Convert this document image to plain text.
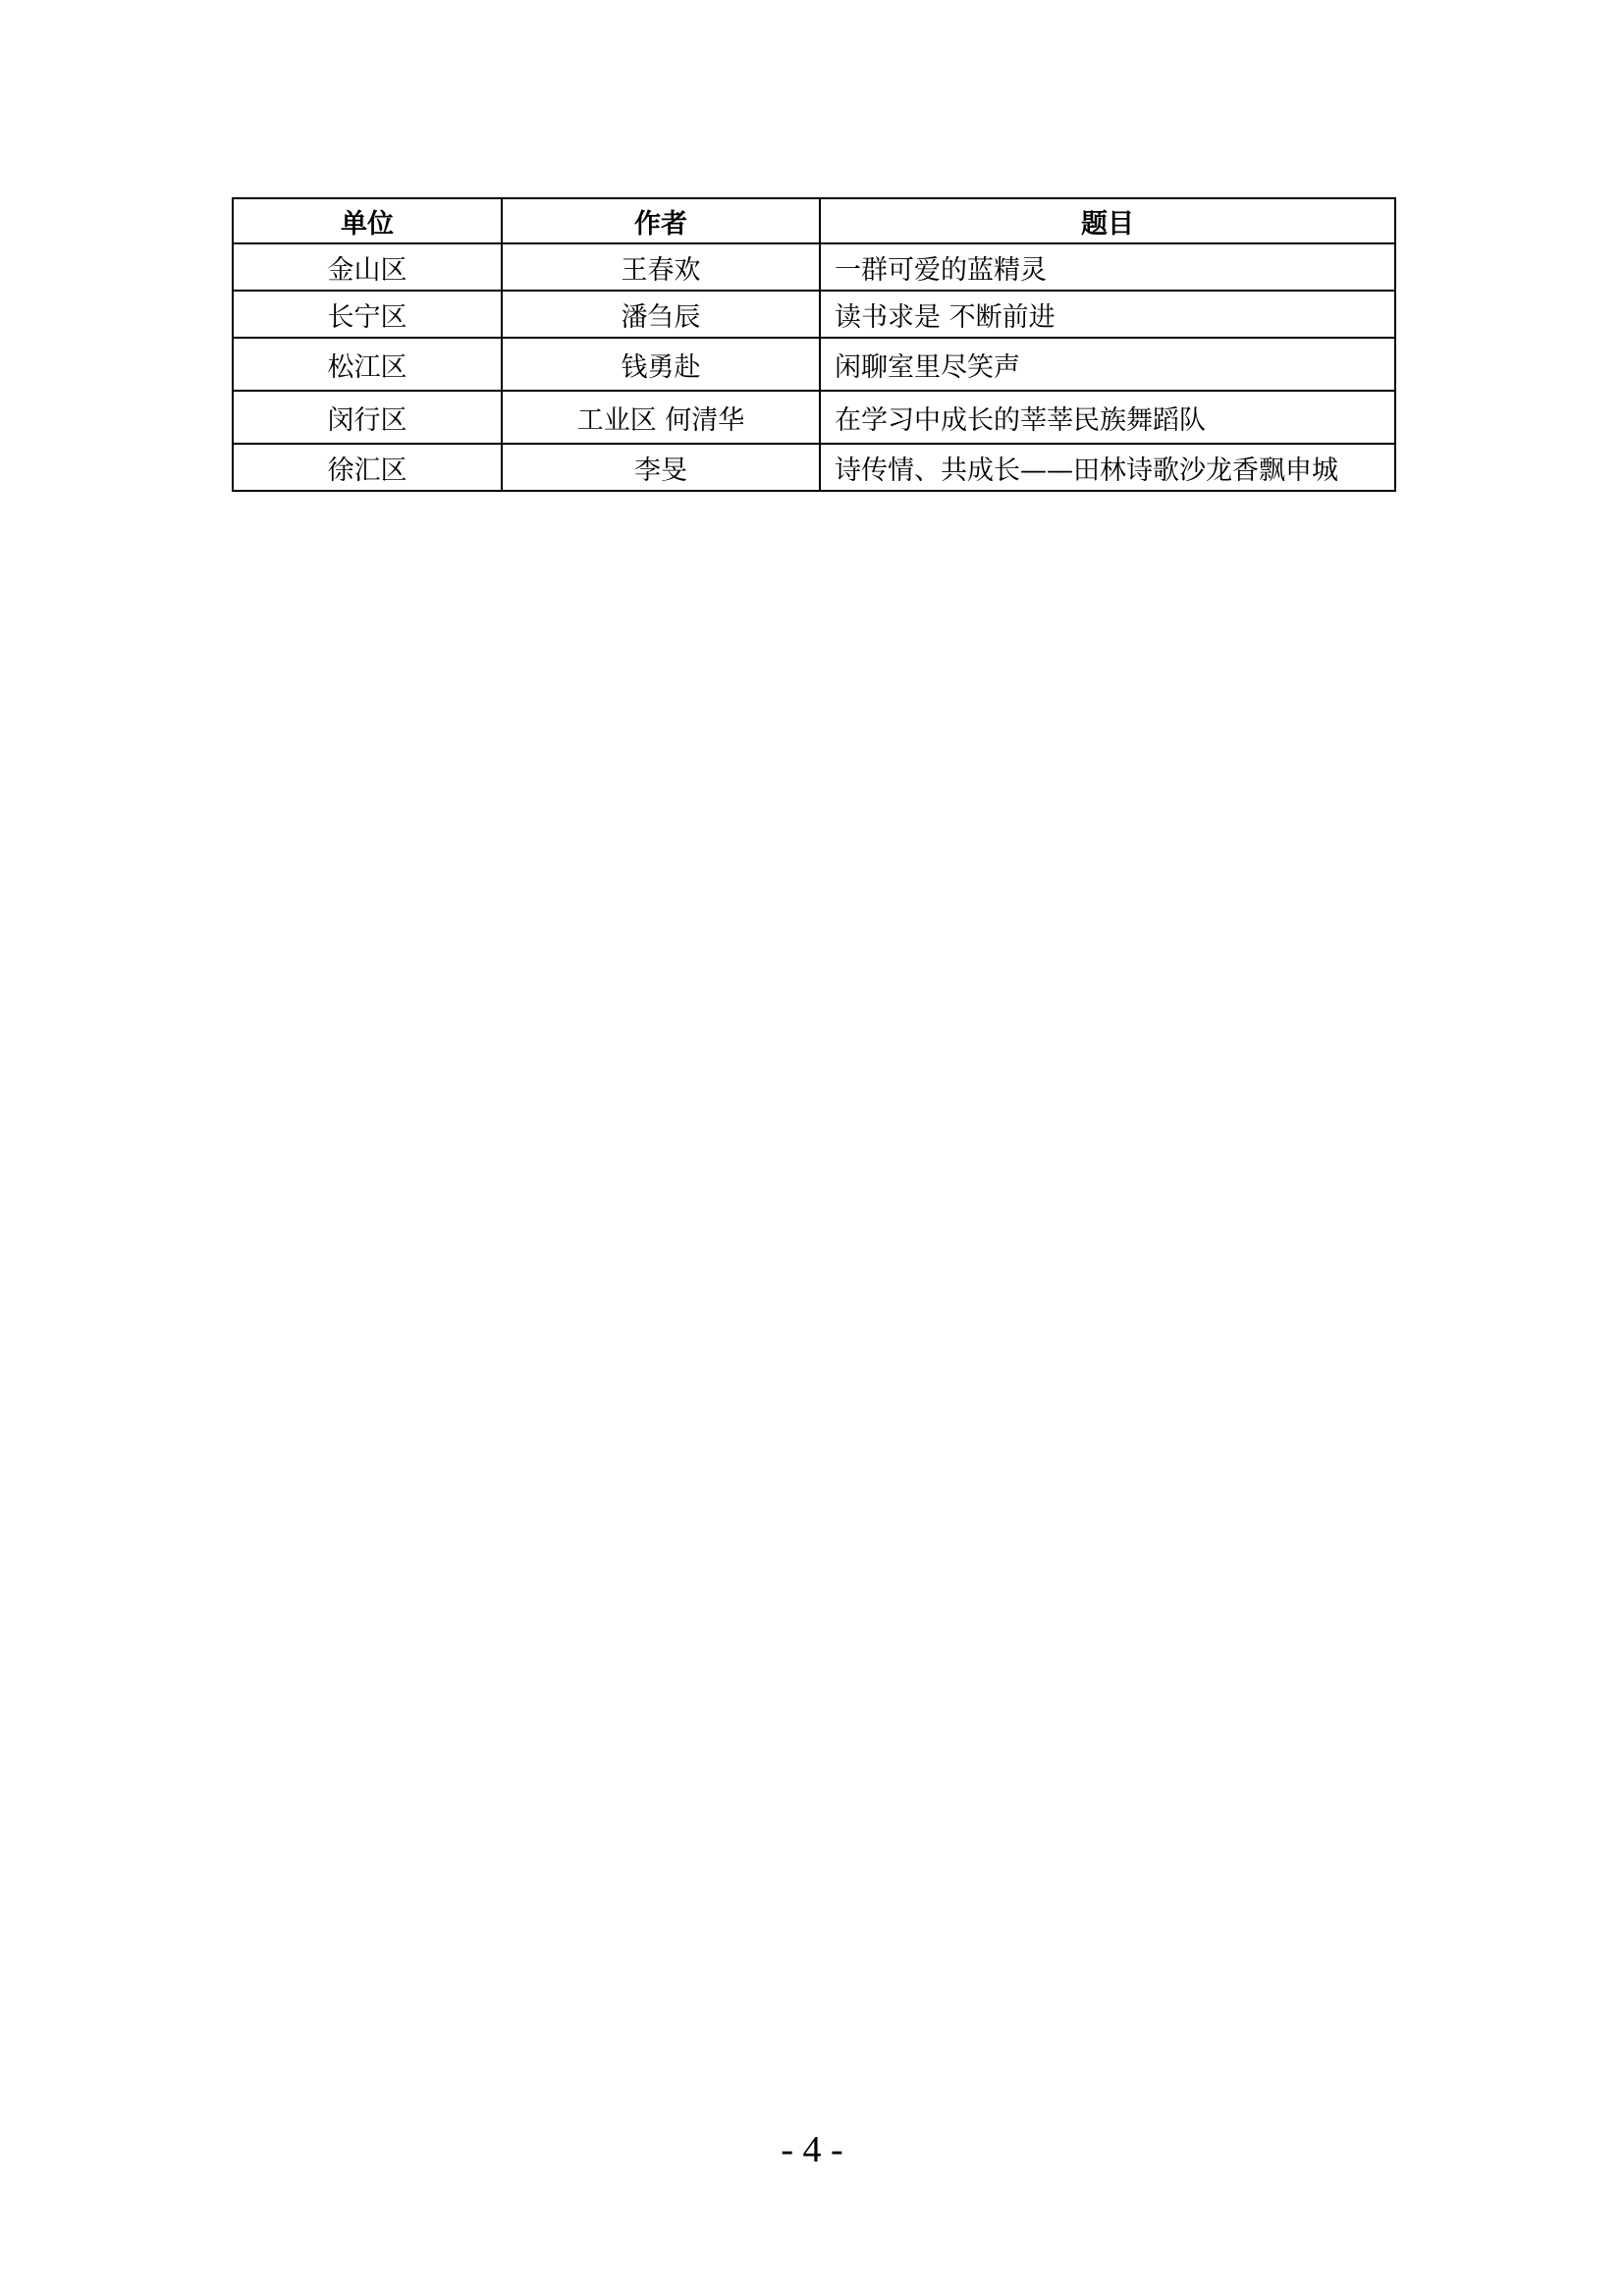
单位	作者	题目
金山区	王春欢	一群可爱的蓝精灵
长宁区	潘刍辰	读书求是 不断前进
松江区	钱勇赴	闲聊室里尽笑声
闵行区	工业区 何清华	在学习中成长的莘莘民族舞蹈队
徐汇区	李旻	诗传情、共成长——田林诗歌沙龙香飘申城
- 4 -
